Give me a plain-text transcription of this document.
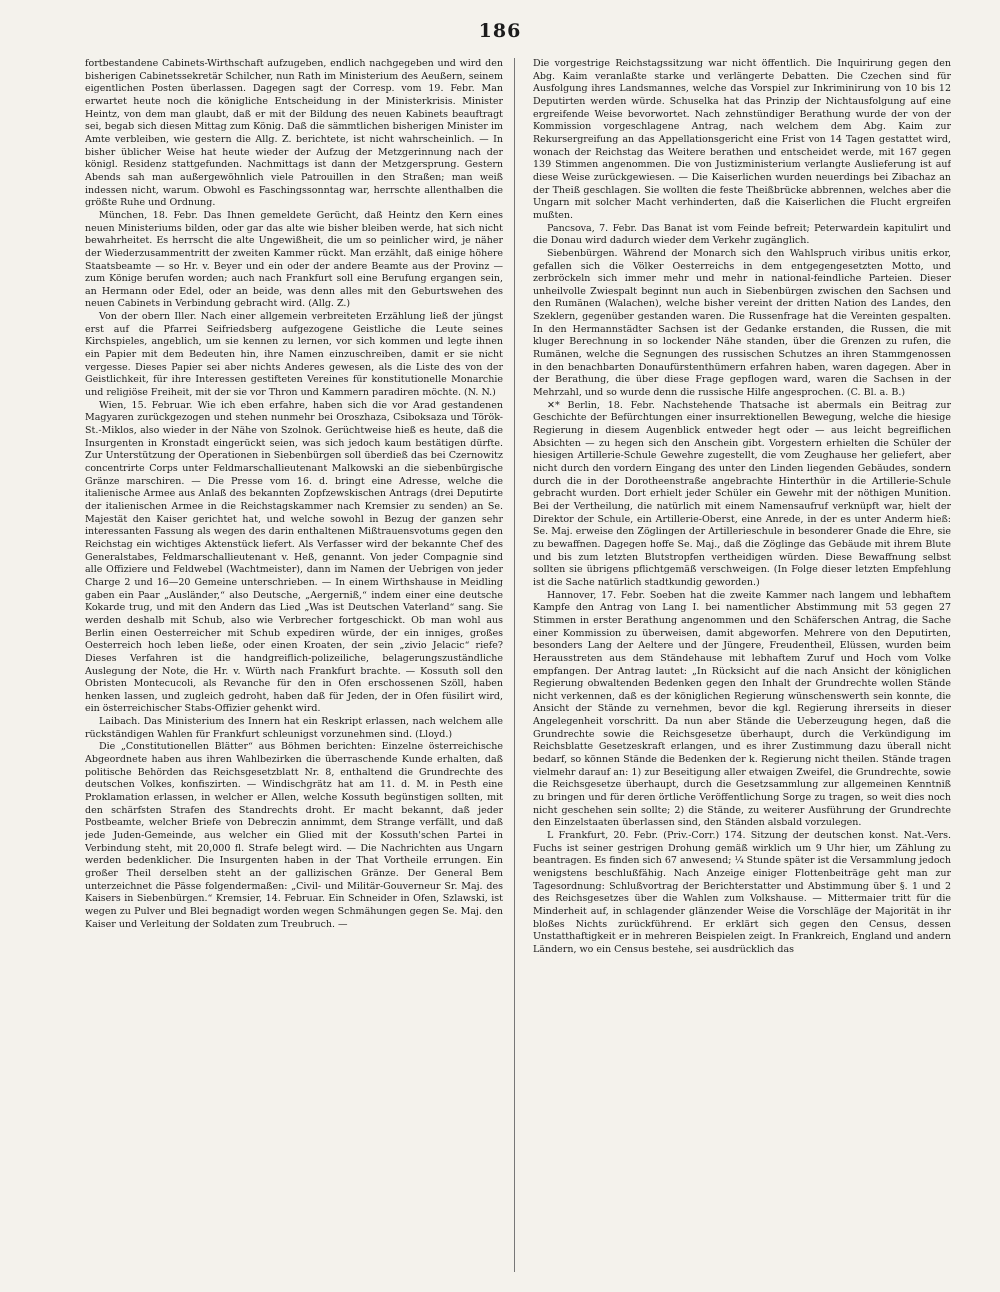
186

fortbestandene Cabinets-Wirthschaft aufzugeben, endlich nachgegeben und wird den bisherigen Cabinetssekretär Schilcher, nun Rath im Ministerium des Aeußern, seinem eigentlichen Posten überlassen. Dagegen sagt der Corresp. vom 19. Febr. Man erwartet heute noch die königliche Entscheidung in der Ministerkrisis. Minister Heintz, von dem man glaubt, daß er mit der Bildung des neuen Kabinets beauftragt sei, begab sich diesen Mittag zum König. Daß die sämmtlichen bisherigen Minister im Amte verbleiben, wie gestern die Allg. Z. berichtete, ist nicht wahrscheinlich. — In bisher üblicher Weise hat heute wieder der Aufzug der Metzgerinnung nach der königl. Residenz stattgefunden. Nachmittags ist dann der Metzgersprung. Gestern Abends sah man außergewöhnlich viele Patrouillen in den Straßen; man weiß indessen nicht, warum. Obwohl es Faschingssonntag war, herrschte allenthalben die größte Ruhe und Ordnung.

München, 18. Febr. Das Ihnen gemeldete Gerücht, daß Heintz den Kern eines neuen Ministeriums bilden, oder gar das alte wie bisher bleiben werde, hat sich nicht bewahrheitet. Es herrscht die alte Ungewißheit, die um so peinlicher wird, je näher der Wiederzusammentritt der zweiten Kammer rückt. Man erzählt, daß einige höhere Staatsbeamte — so Hr. v. Beyer und ein oder der andere Beamte aus der Provinz — zum Könige berufen worden; auch nach Frankfurt soll eine Berufung ergangen sein, an Hermann oder Edel, oder an beide, was denn alles mit den Geburtswehen des neuen Cabinets in Verbindung gebracht wird. (Allg. Z.)

Von der obern Iller. Nach einer allgemein verbreiteten Erzählung ließ der jüngst erst auf die Pfarrei Seifriedsberg aufgezogene Geistliche die Leute seines Kirchspieles, angeblich, um sie kennen zu lernen, vor sich kommen und legte ihnen ein Papier mit dem Bedeuten hin, ihre Namen einzuschreiben, damit er sie nicht vergesse. Dieses Papier sei aber nichts Anderes gewesen, als die Liste des von der Geistlichkeit, für ihre Interessen gestifteten Vereines für konstitutionelle Monarchie und religiöse Freiheit, mit der sie vor Thron und Kammern paradiren möchte. (N. N.)

Wien, 15. Februar. Wie ich eben erfahre, haben sich die vor Arad gestandenen Magyaren zurückgezogen und stehen nunmehr bei Oroszhaza, Csiboksaza und Török-St.-Miklos, also wieder in der Nähe von Szolnok. Gerüchtweise hieß es heute, daß die Insurgenten in Kronstadt eingerückt seien, was sich jedoch kaum bestätigen dürfte. Zur Unterstützung der Operationen in Siebenbürgen soll überdieß das bei Czernowitz concentrirte Corps unter Feldmarschallieutenant Malkowski an die siebenbürgische Gränze marschiren. — Die Presse vom 16. d. bringt eine Adresse, welche die italienische Armee aus Anlaß des bekannten Zopfzewskischen Antrags (drei Deputirte der italienischen Armee in die Reichstagskammer nach Kremsier zu senden) an Se. Majestät den Kaiser gerichtet hat, und welche sowohl in Bezug der ganzen sehr interessanten Fassung als wegen des darin enthaltenen Mißtrauensvotums gegen den Reichstag ein wichtiges Aktenstück liefert. Als Verfasser wird der bekannte Chef des Generalstabes, Feldmarschallieutenant v. Heß, genannt. Von jeder Compagnie sind alle Offiziere und Feldwebel (Wachtmeister), dann im Namen der Uebrigen von jeder Charge 2 und 16—20 Gemeine unterschrieben. — In einem Wirthshause in Meidling gaben ein Paar „Ausländer,“ also Deutsche, „Aergerniß,“ indem einer eine deutsche Kokarde trug, und mit den Andern das Lied „Was ist Deutschen Vaterland“ sang. Sie werden deshalb mit Schub, also wie Verbrecher fortgeschickt. Ob man wohl aus Berlin einen Oesterreicher mit Schub expediren würde, der ein inniges, großes Oesterreich hoch leben ließe, oder einen Kroaten, der sein „zivio Jelacic“ riefe? Dieses Verfahren ist die handgreiflich-polizeiliche, belagerungszuständliche Auslegung der Note, die Hr. v. Würth nach Frankfurt brachte. — Kossuth soll den Obristen Montecucoli, als Revanche für den in Ofen erschossenen Szöll, haben henken lassen, und zugleich gedroht, haben daß für Jeden, der in Ofen füsilirt wird, ein österreichischer Stabs-Offizier gehenkt wird.

Laibach. Das Ministerium des Innern hat ein Reskript erlassen, nach welchem alle rückständigen Wahlen für Frankfurt schleunigst vorzunehmen sind. (Lloyd.)

Die „Constitutionellen Blätter“ aus Böhmen berichten: Einzelne österreichische Abgeordnete haben aus ihren Wahlbezirken die überraschende Kunde erhalten, daß politische Behörden das Reichsgesetzblatt Nr. 8, enthaltend die Grundrechte des deutschen Volkes, konfiszirten. — Windischgrätz hat am 11. d. M. in Pesth eine Proklamation erlassen, in welcher er Allen, welche Kossuth begünstigen sollten, mit den schärfsten Strafen des Standrechts droht. Er macht bekannt, daß jeder Postbeamte, welcher Briefe von Debreczin annimmt, dem Strange verfällt, und daß jede Juden-Gemeinde, aus welcher ein Glied mit der Kossuth'schen Partei in Verbindung steht, mit 20,000 fl. Strafe belegt wird. — Die Nachrichten aus Ungarn werden bedenklicher. Die Insurgenten haben in der That Vortheile errungen. Ein großer Theil derselben steht an der gallizischen Gränze. Der General Bem unterzeichnet die Pässe folgendermaßen: „Civil- und Militär-Gouverneur Sr. Maj. des Kaisers in Siebenbürgen.“ Kremsier, 14. Februar. Ein Schneider in Ofen, Szlawski, ist wegen zu Pulver und Blei begnadigt worden wegen Schmähungen gegen Se. Maj. den Kaiser und Verleitung der Soldaten zum Treubruch. —

Die vorgestrige Reichstagssitzung war nicht öffentlich. Die Inquirirung gegen den Abg. Kaim veranlaßte starke und verlängerte Debatten. Die Czechen sind für Ausfolgung ihres Landsmannes, welche das Vorspiel zur Inkriminirung von 10 bis 12 Deputirten werden würde. Schuselka hat das Prinzip der Nichtausfolgung auf eine ergreifende Weise bevorwortet. Nach zehnstündiger Berathung wurde der von der Kommission vorgeschlagene Antrag, nach welchem dem Abg. Kaim zur Rekursergreifung an das Appellationsgericht eine Frist von 14 Tagen gestattet wird, wonach der Reichstag das Weitere berathen und entscheidet werde, mit 167 gegen 139 Stimmen angenommen. Die von Justizministerium verlangte Auslieferung ist auf diese Weise zurückgewiesen. — Die Kaiserlichen wurden neuerdings bei Zibachaz an der Theiß geschlagen. Sie wollten die feste Theißbrücke abbrennen, welches aber die Ungarn mit solcher Macht verhinderten, daß die Kaiserlichen die Flucht ergreifen mußten.

Pancsova, 7. Febr. Das Banat ist vom Feinde befreit; Peterwardein kapitulirt und die Donau wird dadurch wieder dem Verkehr zugänglich.

Siebenbürgen. Während der Monarch sich den Wahlspruch viribus unitis erkor, gefallen sich die Völker Oesterreichs in dem entgegengesetzten Motto, und zerbröckeln sich immer mehr und mehr in national-feindliche Parteien. Dieser unheilvolle Zwiespalt beginnt nun auch in Siebenbürgen zwischen den Sachsen und den Rumänen (Walachen), welche bisher vereint der dritten Nation des Landes, den Szeklern, gegenüber gestanden waren. Die Russenfrage hat die Vereinten gespalten. In den Hermannstädter Sachsen ist der Gedanke erstanden, die Russen, die mit kluger Berechnung in so lockender Nähe standen, über die Grenzen zu rufen, die Rumänen, welche die Segnungen des russischen Schutzes an ihren Stammgenossen in den benachbarten Donaufürstenthümern erfahren haben, waren dagegen. Aber in der Berathung, die über diese Frage gepflogen ward, waren die Sachsen in der Mehrzahl, und so wurde denn die russische Hilfe angesprochen. (C. Bl. a. B.)

✕* Berlin, 18. Febr. Nachstehende Thatsache ist abermals ein Beitrag zur Geschichte der Befürchtungen einer insurrektionellen Bewegung, welche die hiesige Regierung in diesem Augenblick entweder hegt oder — aus leicht begreiflichen Absichten — zu hegen sich den Anschein gibt. Vorgestern erhielten die Schüler der hiesigen Artillerie-Schule Gewehre zugestellt, die vom Zeughause her geliefert, aber nicht durch den vordern Eingang des unter den Linden liegenden Gebäudes, sondern durch die in der Dorotheenstraße angebrachte Hinterthür in die Artillerie-Schule gebracht wurden. Dort erhielt jeder Schüler ein Gewehr mit der nöthigen Munition. Bei der Vertheilung, die natürlich mit einem Namensaufruf verknüpft war, hielt der Direktor der Schule, ein Artillerie-Oberst, eine Anrede, in der es unter Anderm hieß: Se. Maj. erweise den Zöglingen der Artillerieschule in besonderer Gnade die Ehre, sie zu bewaffnen. Dagegen hoffe Se. Maj., daß die Zöglinge das Gebäude mit ihrem Blute und bis zum letzten Blutstropfen vertheidigen würden. Diese Bewaffnung selbst sollten sie übrigens pflichtgemäß verschweigen. (In Folge dieser letzten Empfehlung ist die Sache natürlich stadtkundig geworden.)

Hannover, 17. Febr. Soeben hat die zweite Kammer nach langem und lebhaftem Kampfe den Antrag von Lang I. bei namentlicher Abstimmung mit 53 gegen 27 Stimmen in erster Berathung angenommen und den Schäferschen Antrag, die Sache einer Kommission zu überweisen, damit abgeworfen. Mehrere von den Deputirten, besonders Lang der Aeltere und der Jüngere, Freudentheil, Elüssen, wurden beim Herausstreten aus dem Ständehause mit lebhaftem Zuruf und Hoch vom Volke empfangen. Der Antrag lautet: „In Rücksicht auf die nach Ansicht der königlichen Regierung obwaltenden Bedenken gegen den Inhalt der Grundrechte wollen Stände nicht verkennen, daß es der königlichen Regierung wünschenswerth sein konnte, die Ansicht der Stände zu vernehmen, bevor die kgl. Regierung ihrerseits in dieser Angelegenheit vorschritt. Da nun aber Stände die Ueberzeugung hegen, daß die Grundrechte sowie die Reichsgesetze überhaupt, durch die Verkündigung im Reichsblatte Gesetzeskraft erlangen, und es ihrer Zustimmung dazu überall nicht bedarf, so können Stände die Bedenken der k. Regierung nicht theilen. Stände tragen vielmehr darauf an: 1) zur Beseitigung aller etwaigen Zweifel, die Grundrechte, sowie die Reichsgesetze überhaupt, durch die Gesetzsammlung zur allgemeinen Kenntniß zu bringen und für deren örtliche Veröffentlichung Sorge zu tragen, so weit dies noch nicht geschehen sein sollte; 2) die Stände, zu weiterer Ausführung der Grundrechte den Einzelstaaten überlassen sind, den Ständen alsbald vorzulegen.

L Frankfurt, 20. Febr. (Priv.-Corr.) 174. Sitzung der deutschen konst. Nat.-Vers. Fuchs ist seiner gestrigen Drohung gemäß wirklich um 9 Uhr hier, um Zählung zu beantragen. Es finden sich 67 anwesend; ¼ Stunde später ist die Versammlung jedoch wenigstens beschlußfähig. Nach Anzeige einiger Flottenbeiträge geht man zur Tagesordnung: Schlußvortrag der Berichterstatter und Abstimmung über §. 1 und 2 des Reichsgesetzes über die Wahlen zum Volkshause. — Mittermaier tritt für die Minderheit auf, in schlagender glänzender Weise die Vorschläge der Majorität in ihr bloßes Nichts zurückführend. Er erklärt sich gegen den Census, dessen Unstatthaftigkeit er in mehreren Beispielen zeigt. In Frankreich, England und andern Ländern, wo ein Census bestehe, sei ausdrücklich das
